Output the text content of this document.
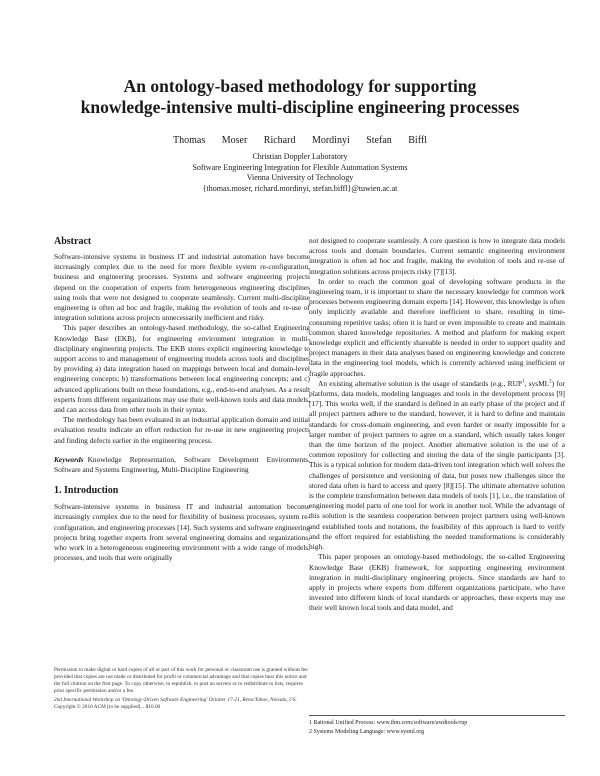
An ontology-based methodology for supporting
knowledge-intensive multi-discipline engineering processes
Thomas Moser Richard Mordinyi Stefan Biffl
Christian Doppler Laboratory
Software Engineering Integration for Flexible Automation Systems
Vienna University of Technology
{thomas.moser, richard.mordinyi, stefan.biffl}@tuwien.ac.at
Abstract

Software-intensive systems in business IT and industrial automation have become increasingly complex due to the need for more flexible system re-configuration, business and engineering processes. Systems and software engineering projects depend on the cooperation of experts from heterogeneous engineering disciplines using tools that were not designed to cooperate seamlessly. Current multi-discipline engineering is often ad hoc and fragile, making the evolution of tools and re-use of integration solutions across projects unnecessarily inefficient and risky.

This paper describes an ontology-based methodology, the so-called Engineering Knowledge Base (EKB), for engineering environment integration in multi-disciplinary engineering projects. The EKB stores explicit engineering knowledge to support access to and management of engineering models across tools and disciplines by providing a) data integration based on mappings between local and domain-level engineering concepts; b) transformations between local engineering concepts; and c) advanced applications built on these foundations, e.g., end-to-end analyses. As a result experts from different organizations may use their well-known tools and data models, and can access data from other tools in their syntax.

The methodology has been evaluated in an industrial application domain and initial evaluation results indicate an effort reduction for re-use in new engineering projects and finding defects earlier in the engineering process.

Keywords Knowledge Representation, Software Development Environments, Software and Systems Engineering, Multi-Discipline Engineering

1. Introduction

Software-intensive systems in business IT and industrial automation become increasingly complex due to the need for flexibility of business processes, system re-configuration, and engineering processes [14]. Such systems and software engineering projects bring together experts from several engineering domains and organizations, who work in a heterogeneous engineering environment with a wide range of models, processes, and tools that were originally

Permission to make digital or hard copies of all or part of this work for personal or classroom use is granted without fee provided that copies are not made or distributed for profit or commercial advantage and that copies bear this notice and the full citation on the first page. To copy otherwise, to republish, to post on servers or to redistribute to lists, requires prior specific permission and/or a fee.
2nd International Workshop on 'Ontology-Driven Software Engineering' October 17-21, Reno/Tahoe, Nevada, US.
Copyright © 2010 ACM [to be supplied]... $10.00

not designed to cooperate seamlessly. A core question is how to integrate data models across tools and domain boundaries. Current semantic engineering environment integration is often ad hoc and fragile, making the evolution of tools and re-use of integration solutions across projects risky [7][13].

In order to reach the common goal of developing software products in the engineering team, it is important to share the necessary knowledge for common work processes between engineering domain experts [14]. However, this knowledge is often only implicitly available and therefore inefficient to share, resulting in time-consuming repetitive tasks; often it is hard or even impossible to create and maintain common shared knowledge repositories. A method and platform for making expert knowledge explicit and efficiently shareable is needed in order to support quality and project managers in their data analyses based on engineering knowledge and concrete data in the engineering tool models, which is currently achieved using inefficient or fragile approaches.

An existing alternative solution is the usage of standards (e.g., RUP$^1$, sysML$^2$) for platforms, data models, modeling languages and tools in the development process [9][17]. This works well, if the standard is defined in an early phase of the project and if all project partners adhere to the standard, however, it is hard to define and maintain standards for cross-domain engineering, and even harder or nearly impossible for a larger number of project partners to agree on a standard, which usually takes longer than the time horizon of the project. Another alternative solution is the use of a common repository for collecting and storing the data of the single participants [3]. This is a typical solution for modern data-driven tool integration which well solves the challenges of persistence and versioning of data, but poses new challenges since the stored data often is hard to access and query [8][15]. The ultimate alternative solution is the complete transformation between data models of tools [1], i.e., the translation of engineering model parts of one tool for work in another tool. While the advantage of this solution is the seamless cooperation between project partners using well-known and established tools and notations, the feasibility of this approach is hard to verify and the effort required for establishing the needed transformations is considerably high.

This paper proposes an ontology-based methodology, the so-called Engineering Knowledge Base (EKB) framework, for supporting engineering environment integration in multi-disciplinary engineering projects. Since standards are hard to apply in projects where experts from different organizations participate, who have invested into different kinds of local standards or approaches, these experts may use their well known local tools and data model, and

1 Rational Unified Process: www.ibm.com/software/awdtools/rup
2 Systems Modeling Language: www.sysml.org
